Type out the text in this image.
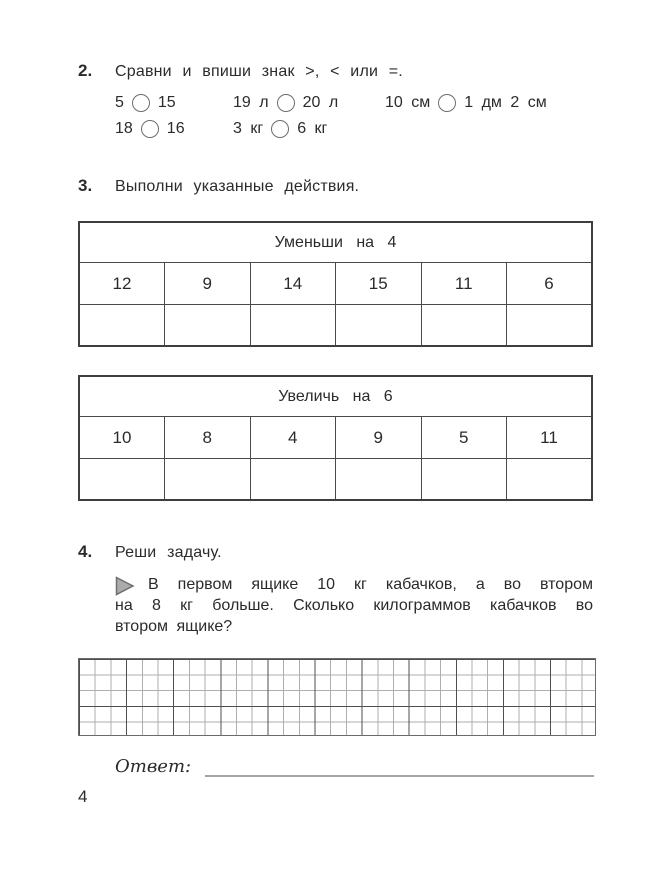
2.	Сравни и впиши знак >, < или =.
5 15	19 л 20 л	10 см 1 дм 2 см
18 16	3 кг 6 кг
3.	Выполни указанные действия.
Уменьши на 4					
12	9	14	15	11	6

Увеличь на 6					
10	8	4	9	5	11

4.	Реши задачу.
В первом ящике 10 кг кабачков, а во втором
на 8 кг больше. Сколько килограммов кабачков во
втором ящике?
Ответ:
4
